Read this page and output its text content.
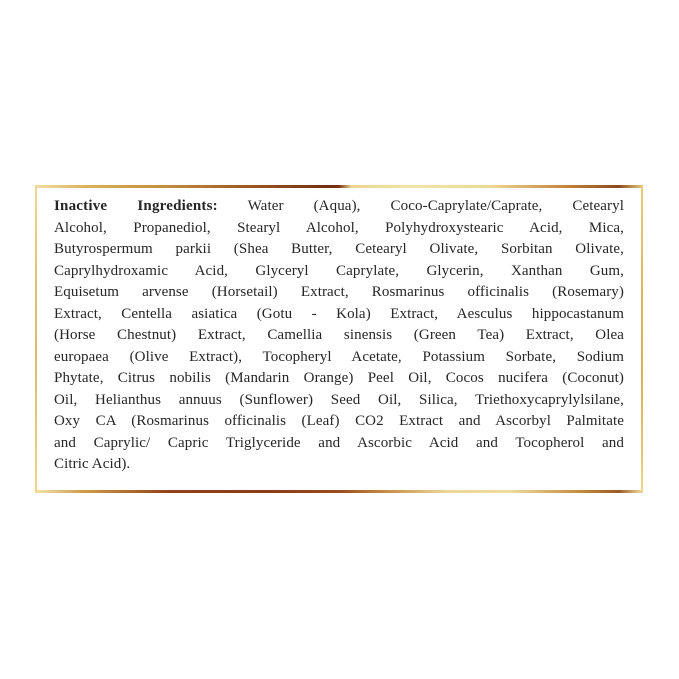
Inactive Ingredients: Water (Aqua), Coco-Caprylate/Caprate, Cetearyl
Alcohol, Propanediol, Stearyl Alcohol, Polyhydroxystearic Acid, Mica,
Butyrospermum parkii (Shea Butter, Cetearyl Olivate, Sorbitan Olivate,
Caprylhydroxamic Acid, Glyceryl Caprylate, Glycerin, Xanthan Gum,
Equisetum arvense (Horsetail) Extract, Rosmarinus officinalis (Rosemary)
Extract, Centella asiatica (Gotu - Kola) Extract, Aesculus hippocastanum
(Horse Chestnut) Extract, Camellia sinensis (Green Tea) Extract, Olea
europaea (Olive Extract), Tocopheryl Acetate, Potassium Sorbate, Sodium
Phytate, Citrus nobilis (Mandarin Orange) Peel Oil, Cocos nucifera (Coconut)
Oil, Helianthus annuus (Sunflower) Seed Oil, Silica, Triethoxycaprylylsilane,
Oxy CA (Rosmarinus officinalis (Leaf) CO2 Extract and Ascorbyl Palmitate
and Caprylic/ Capric Triglyceride and Ascorbic Acid and Tocopherol and
Citric Acid).
